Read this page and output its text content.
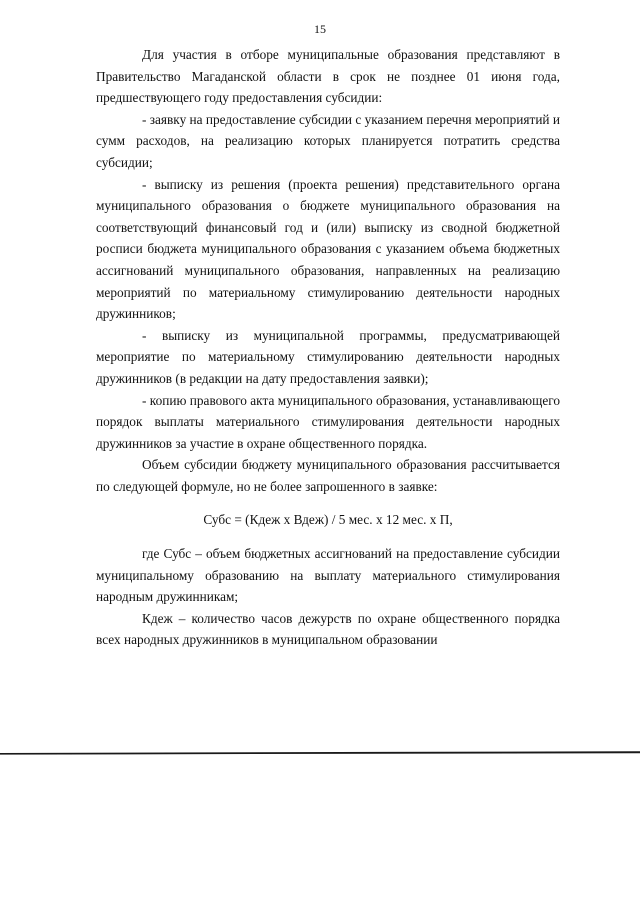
15

Для участия в отборе муниципальные образования представляют в Правительство Магаданской области в срок не позднее 01 июня года, предшествующего году предоставления субсидии:

- заявку на предоставление субсидии с указанием перечня мероприятий и сумм расходов, на реализацию которых планируется потратить средства субсидии;

- выписку из решения (проекта решения) представительного органа муниципального образования о бюджете муниципального образования на соответствующий финансовый год и (или) выписку из сводной бюджетной росписи бюджета муниципального образования с указанием объема бюджетных ассигнований муниципального образования, направленных на реализацию мероприятий по материальному стимулированию деятельности народных дружинников;

- выписку из муниципальной программы, предусматривающей мероприятие по материальному стимулированию деятельности народных дружинников (в редакции на дату предоставления заявки);

- копию правового акта муниципального образования, устанавливающего порядок выплаты материального стимулирования деятельности народных дружинников за участие в охране общественного порядка.

Объем субсидии бюджету муниципального образования рассчитывается по следующей формуле, но не более запрошенного в заявке:

Субс = (Кдеж х Вдеж) / 5 мес. х 12 мес. х П,

где Субс – объем бюджетных ассигнований на предоставление субсидии муниципальному образованию на выплату материального стимулирования народным дружинникам;

Кдеж – количество часов дежурств по охране общественного порядка всех народных дружинников в муниципальном образовании
